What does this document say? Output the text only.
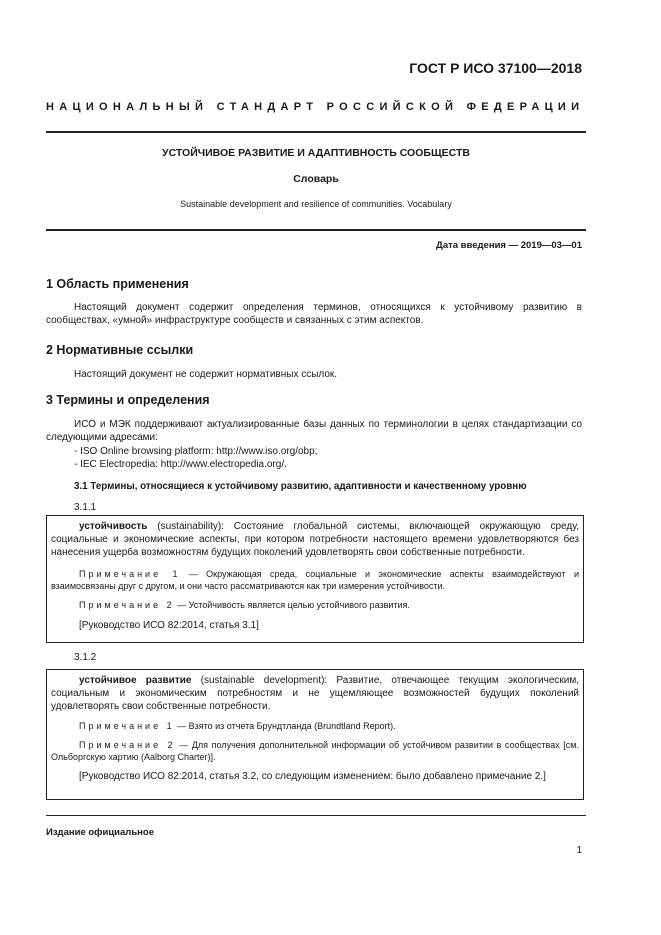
ГОСТ Р ИСО 37100—2018
НАЦИОНАЛЬНЫЙ СТАНДАРТ РОССИЙСКОЙ ФЕДЕРАЦИИ
УСТОЙЧИВОЕ РАЗВИТИЕ И АДАПТИВНОСТЬ СООБЩЕСТВ
Словарь
Sustainable development and resilience of communities. Vocabulary
Дата введения — 2019—03—01
1 Область применения
Настоящий документ содержит определения терминов, относящихся к устойчивому развитию в сообществах, «умной» инфраструктуре сообществ и связанных с этим аспектов.
2 Нормативные ссылки
Настоящий документ не содержит нормативных ссылок.
3 Термины и определения
ИСО и МЭК поддерживают актуализированные базы данных по терминологии в целях стандартизации со следующими адресами:
- ISO Online browsing platform: http://www.iso.org/obp;
- IEC Electropedia: http://www.electropedia.org/.
3.1 Термины, относящиеся к устойчивому развитию, адаптивности и качественному уровню
3.1.1

устойчивость (sustainability): Состояние глобальной системы, включающей окружающую среду, социальные и экономические аспекты, при котором потребности настоящего времени удовлетворяются без нанесения ущерба возможностям будущих поколений удовлетворять свои собственные потребности.

Примечание 1 — Окружающая среда, социальные и экономические аспекты взаимодействуют и взаимосвязаны друг с другом, и они часто рассматриваются как три измерения устойчивости.

Примечание 2 — Устойчивость является целью устойчивого развития.

[Руководство ИСО 82:2014, статья 3.1]

3.1.2

устойчивое развитие (sustainable development): Развитие, отвечающее текущим экологическим, социальным и экономическим потребностям и не ущемляющее возможностей будущих поколений удовлетворять свои собственные потребности.

Примечание 1 — Взято из отчета Брундтланда (Brundtland Report).

Примечание 2 — Для получения дополнительной информации об устойчивом развитии в сообществах [см. Ольборгскую хартию (Aalborg Charter)].

[Руководство ИСО 82:2014, статья 3.2, со следующим изменением: было добавлено примечание 2.]

Издание официальное
1
